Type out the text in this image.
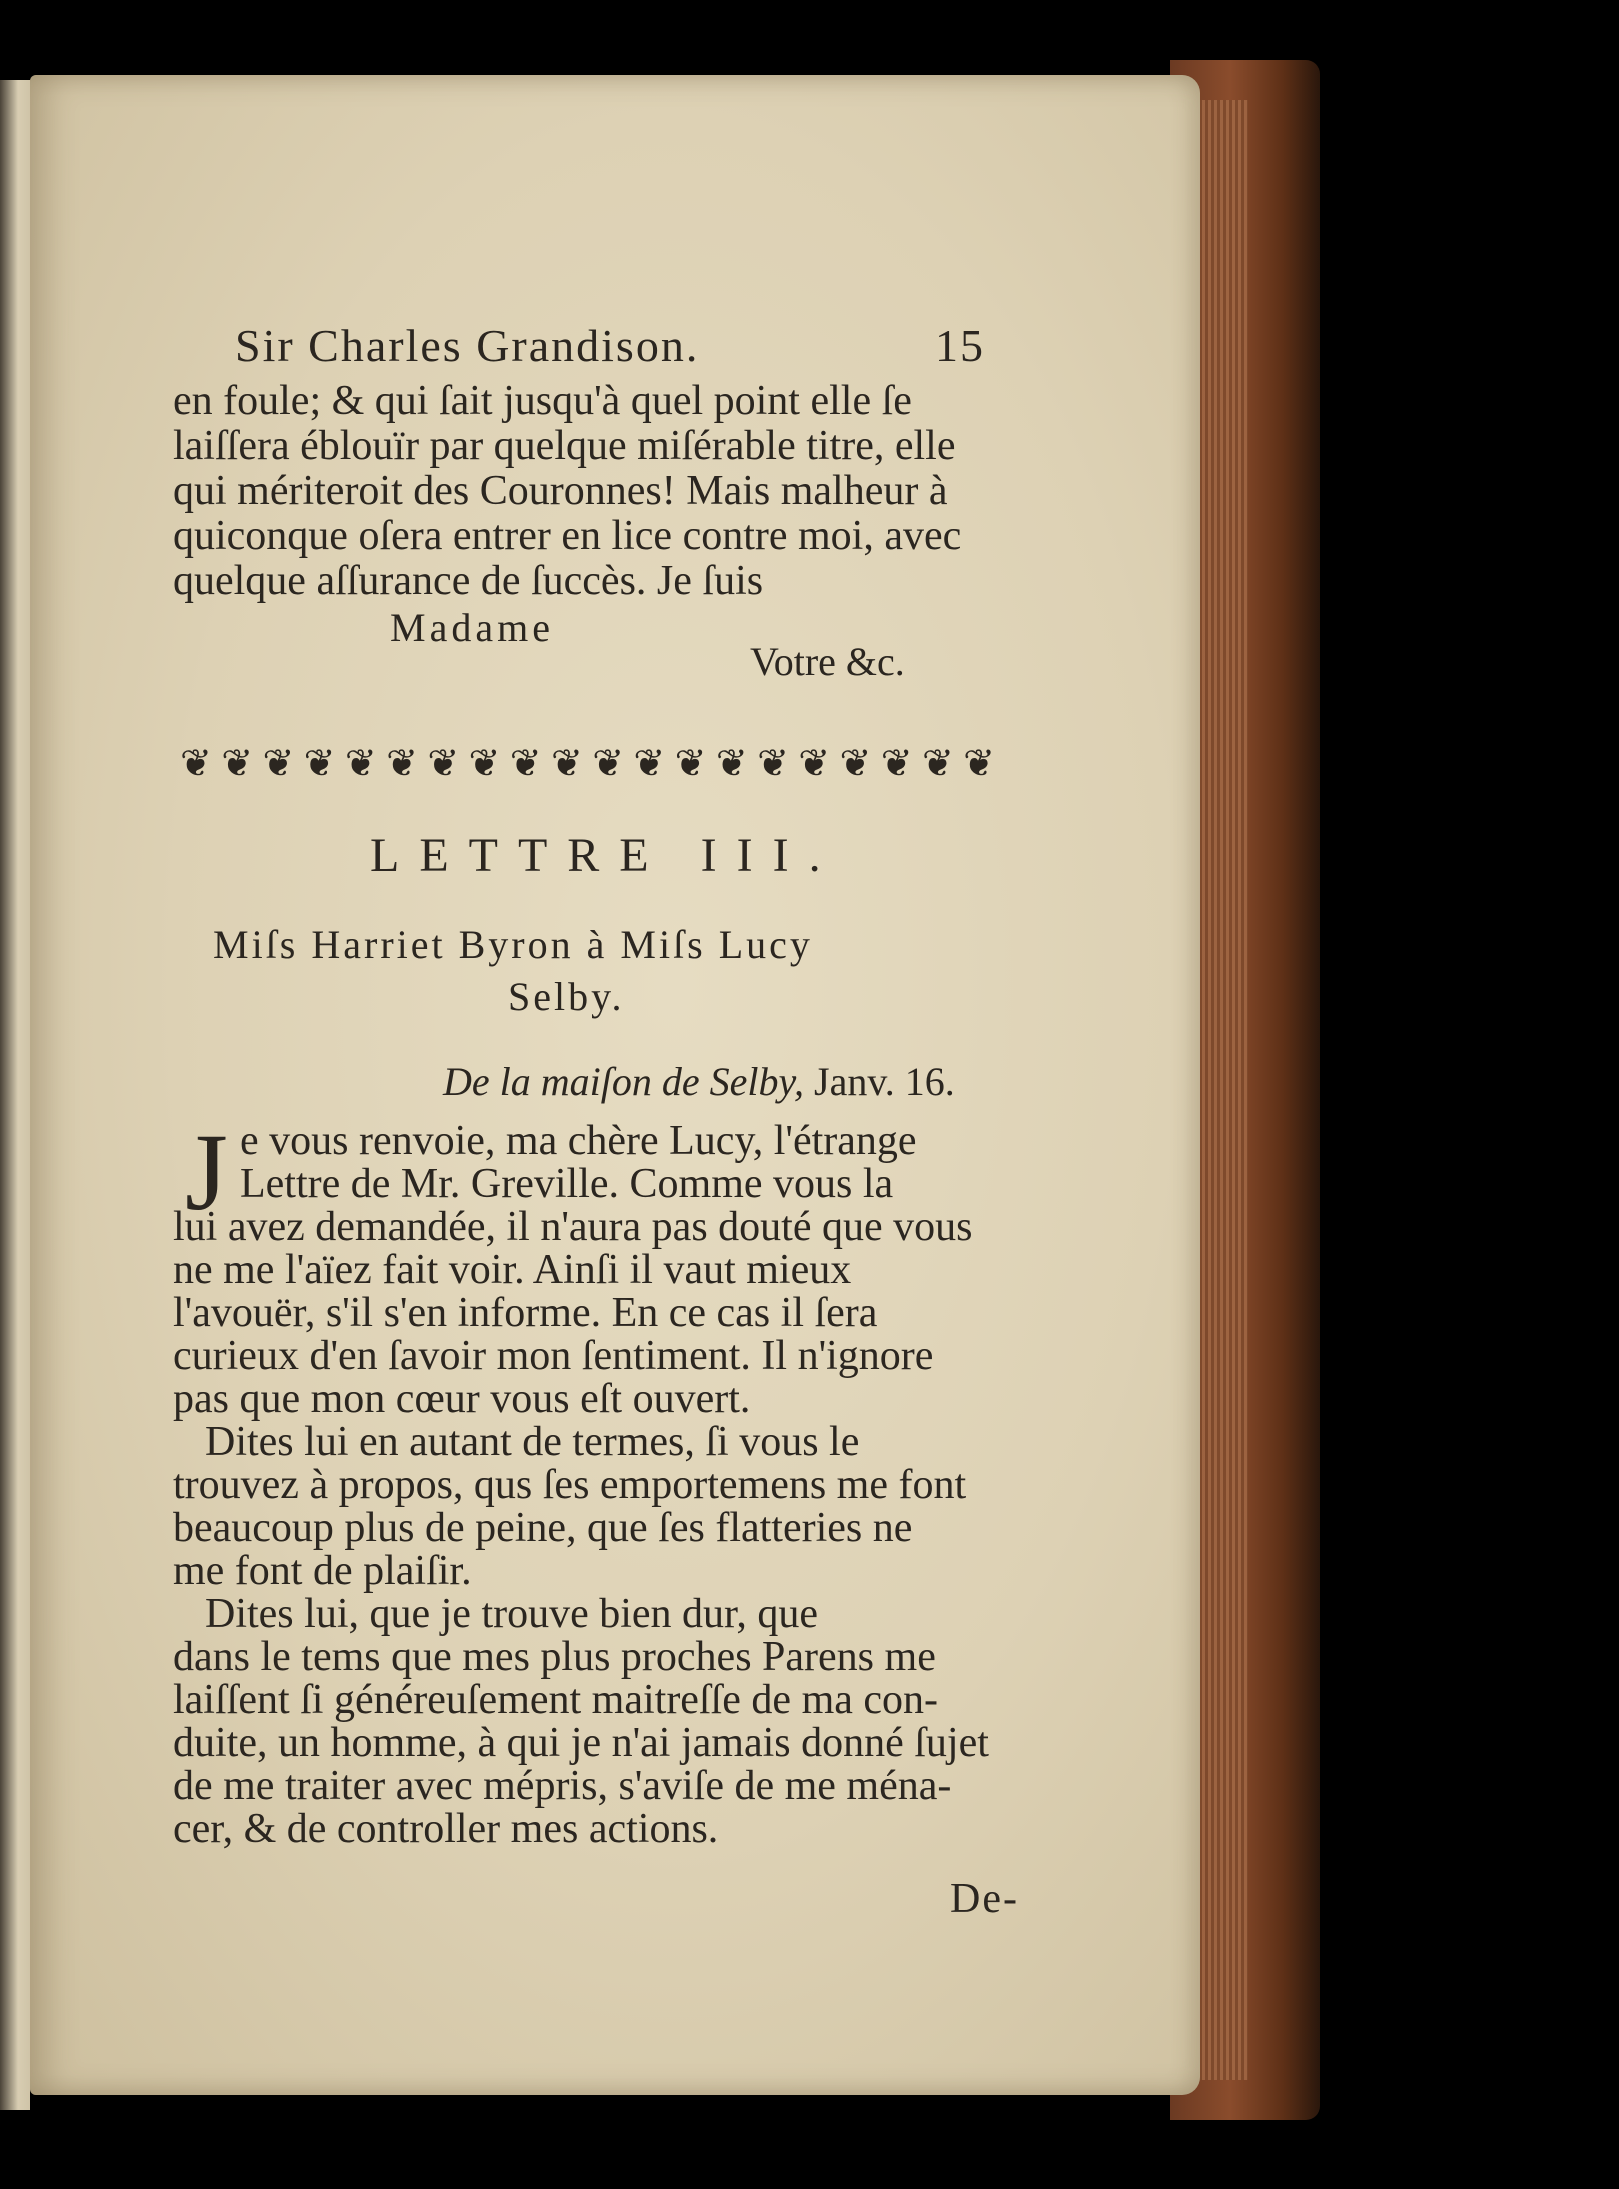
Sir Charles Grandison.	15
en foule; & qui ſait jusqu'à quel point elle ſe
laiſſera éblouïr par quelque miſérable titre, elle
qui mériteroit des Couronnes! Mais malheur à
quiconque oſera entrer en lice contre moi, avec
quelque aſſurance de ſuccès. Je ſuis
Madame
Votre &c.
❦ ❦ ❦ ❦ ❦ ❦ ❦ ❦ ❦ ❦ ❦ ❦ ❦ ❦ ❦ ❦ ❦ ❦ ❦ ❦
LETTRE III.
Miſs Harriet Byron à Miſs Lucy
Selby.
De la maiſon de Selby, Janv. 16.
J e vous renvoie, ma chère Lucy, l'étrange
Lettre de Mr. Greville. Comme vous la
lui avez demandée, il n'aura pas douté que vous
ne me l'aïez fait voir. Ainſi il vaut mieux
l'avouër, s'il s'en informe. En ce cas il ſera
curieux d'en ſavoir mon ſentiment. Il n'ignore
pas que mon cœur vous eſt ouvert.
Dites lui en autant de termes, ſi vous le
trouvez à propos, qus ſes emportemens me font
beaucoup plus de peine, que ſes flatteries ne
me font de plaiſir.
Dites lui, que je trouve bien dur, que
dans le tems que mes plus proches Parens me
laiſſent ſi généreuſement maitreſſe de ma con-
duite, un homme, à qui je n'ai jamais donné ſujet
de me traiter avec mépris, s'aviſe de me ména-
cer, & de controller mes actions.
De-
